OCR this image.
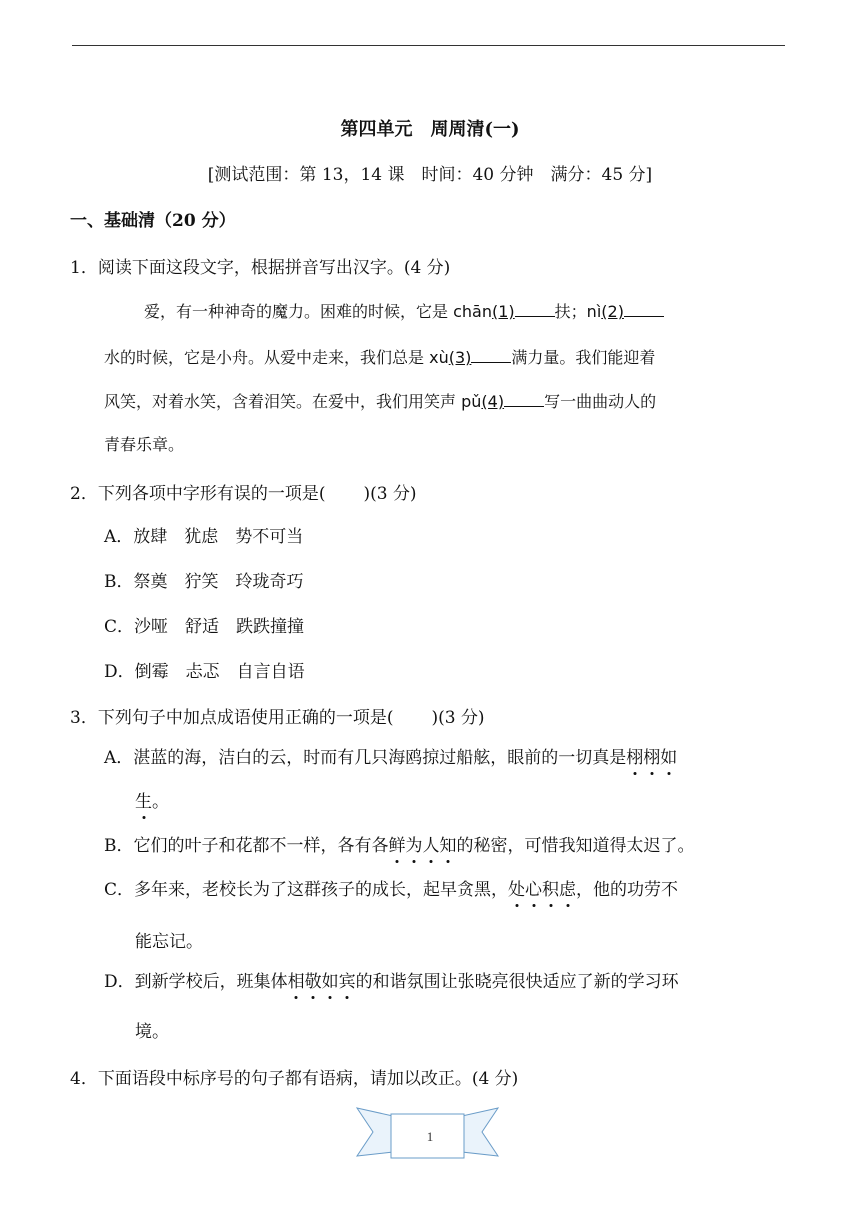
第四单元　周周清(一)
[测试范围：第 13，14 课　时间：40 分钟　满分：45 分]
一、基础清（20 分）
1．阅读下面这段文字，根据拼音写出汉字。(4 分)
爱，有一种神奇的魔力。困难的时候，它是 chān(1)	扶；nì(2)
水的时候，它是小舟。从爱中走来，我们总是 xù(3)	满力量。我们能迎着
风笑，对着水笑，含着泪笑。在爱中，我们用笑声 pǔ(4)	写一曲曲动人的
青春乐章。
2．下列各项中字形有误的一项是( )(3 分)
A．放肆　犹虑　势不可当
B．祭奠　狞笑　玲珑奇巧
C．沙哑　舒适　跌跌撞撞
D．倒霉　忐忑　自言自语
3．下列句子中加点成语使用正确的一项是( )(3 分)
A．湛蓝的海，洁白的云，时而有几只海鸥掠过船舷，眼前的一切真是栩栩如
生。
B．它们的叶子和花都不一样，各有各鲜为人知的秘密，可惜我知道得太迟了。
C．多年来，老校长为了这群孩子的成长，起早贪黑，处心积虑，他的功劳不
能忘记。
D．到新学校后，班集体相敬如宾的和谐氛围让张晓亮很快适应了新的学习环
境。
4．下面语段中标序号的句子都有语病，请加以改正。(4 分)
1
